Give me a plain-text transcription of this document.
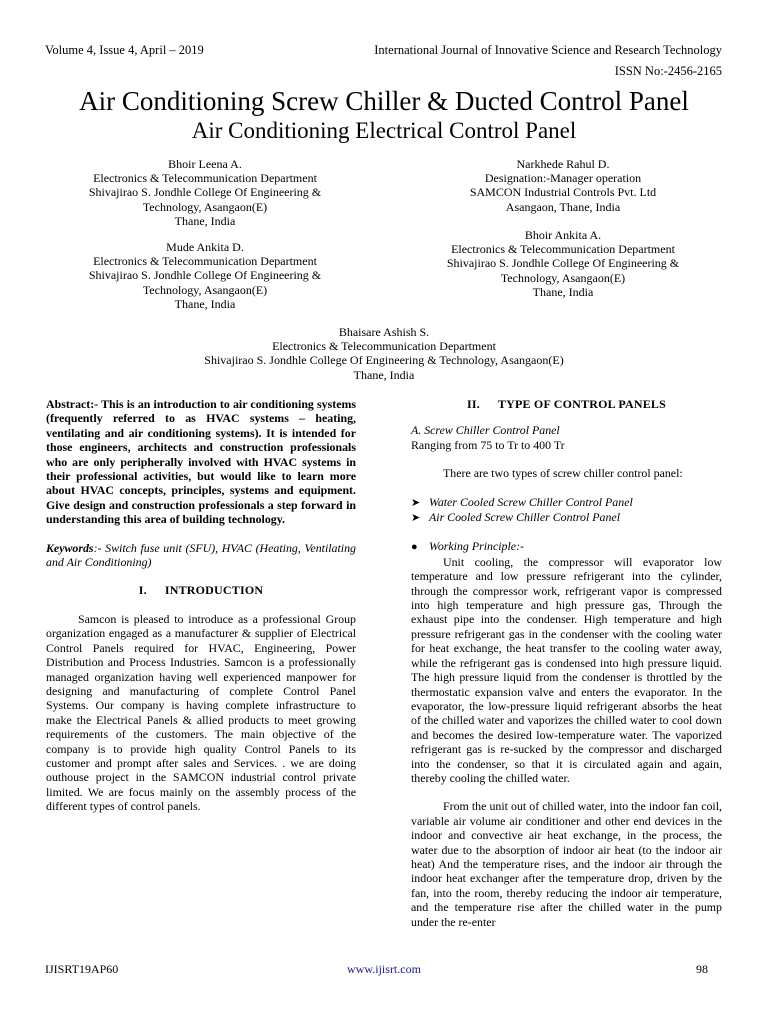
Volume 4, Issue 4, April – 2019	International Journal of Innovative Science and Research Technology
ISSN No:-2456-2165
Air Conditioning Screw Chiller & Ducted Control Panel
Air Conditioning Electrical Control Panel
Bhoir Leena A.
Electronics & Telecommunication Department
Shivajirao S. Jondhle College Of Engineering &
Technology, Asangaon(E)
Thane, India
Narkhede Rahul D.
Designation:-Manager operation
SAMCON Industrial Controls Pvt. Ltd
Asangaon, Thane, India
Mude Ankita D.
Electronics & Telecommunication Department
Shivajirao S. Jondhle College Of Engineering &
Technology, Asangaon(E)
Thane, India
Bhoir Ankita A.
Electronics & Telecommunication Department
Shivajirao S. Jondhle College Of Engineering &
Technology, Asangaon(E)
Thane, India
Bhaisare Ashish S.
Electronics & Telecommunication Department
Shivajirao S. Jondhle College Of Engineering & Technology, Asangaon(E)
Thane, India

Abstract:- This is an introduction to air conditioning systems (frequently referred to as HVAC systems – heating, ventilating and air conditioning systems). It is intended for those engineers, architects and construction professionals who are only peripherally involved with HVAC systems in their professional activities, but would like to learn more about HVAC concepts, principles, systems and equipment. Give design and construction professionals a step forward in understanding this area of building technology.

Keywords:- Switch fuse unit (SFU), HVAC (Heating, Ventilating and Air Conditioning)

I. INTRODUCTION

Samcon is pleased to introduce as a professional Group organization engaged as a manufacturer & supplier of Electrical Control Panels required for HVAC, Engineering, Power Distribution and Process Industries. Samcon is a professionally managed organization having well experienced manpower for designing and manufacturing of complete Control Panel Systems. Our company is having complete infrastructure to make the Electrical Panels & allied products to meet growing requirements of the customers. The main objective of the company is to provide high quality Control Panels to its customer and prompt after sales and Services. . we are doing outhouse project in the SAMCON industrial control private limited. We are focus mainly on the assembly process of the different types of control panels.

II. TYPE OF CONTROL PANELS

A. Screw Chiller Control Panel

Ranging from 75 to Tr to 400 Tr

There are two types of screw chiller control panel:

➤ Water Cooled Screw Chiller Control Panel
➤ Air Cooled Screw Chiller Control Panel
● Working Principle:-

Unit cooling, the compressor will evaporator low temperature and low pressure refrigerant into the cylinder, through the compressor work, refrigerant vapor is compressed into high temperature and high pressure gas, Through the exhaust pipe into the condenser. High temperature and high pressure refrigerant gas in the condenser with the cooling water for heat exchange, the heat transfer to the cooling water away, while the refrigerant gas is condensed into high pressure liquid. The high pressure liquid from the condenser is throttled by the thermostatic expansion valve and enters the evaporator. In the evaporator, the low-pressure liquid refrigerant absorbs the heat of the chilled water and vaporizes the chilled water to cool down and becomes the desired low-temperature water. The vaporized refrigerant gas is re-sucked by the compressor and discharged into the condenser, so that it is circulated again and again, thereby cooling the chilled water.

From the unit out of chilled water, into the indoor fan coil, variable air volume air conditioner and other end devices in the indoor and convective air heat exchange, in the process, the water due to the absorption of indoor air heat (to the indoor air heat) And the temperature rises, and the indoor air through the indoor heat exchanger after the temperature drop, driven by the fan, into the room, thereby reducing the indoor air temperature, and the temperature rise after the chilled water in the pump under the re-enter

IJISRT19AP60	www.ijisrt.com	98
